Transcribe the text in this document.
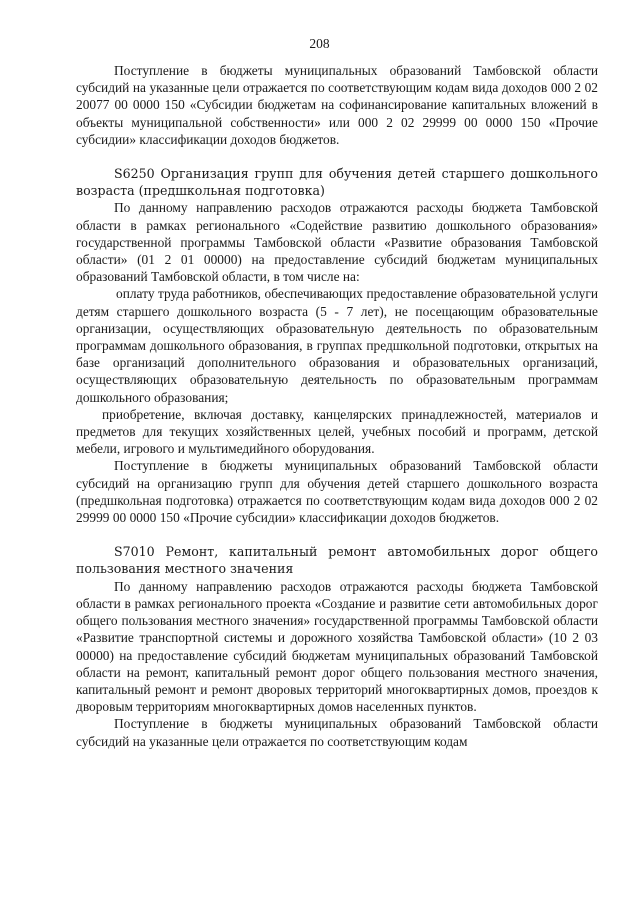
208

Поступление в бюджеты муниципальных образований Тамбовской области субсидий на указанные цели отражается по соответствующим кодам вида доходов 000 2 02 20077 00 0000 150 «Субсидии бюджетам на софинансирование капитальных вложений в объекты муниципальной собственности» или 000 2 02 29999 00 0000 150 «Прочие субсидии» классификации доходов бюджетов.

S6250 Организация групп для обучения детей старшего дошкольного возраста (предшкольная подготовка)

По данному направлению расходов отражаются расходы бюджета Тамбовской области в рамках регионального «Содействие развитию дошкольного образования» государственной программы Тамбовской области «Развитие образования Тамбовской области» (01 2 01 00000) на предоставление субсидий бюджетам муниципальных образований Тамбовской области, в том числе на:

оплату труда работников, обеспечивающих предоставление образовательной услуги детям старшего дошкольного возраста (5 - 7 лет), не посещающим образовательные организации, осуществляющих образовательную деятельность по образовательным программам дошкольного образования, в группах предшкольной подготовки, открытых на базе организаций дополнительного образования и образовательных организаций, осуществляющих образовательную деятельность по образовательным программам дошкольного образования;

приобретение, включая доставку, канцелярских принадлежностей, материалов и предметов для текущих хозяйственных целей, учебных пособий и программ, детской мебели, игрового и мультимедийного оборудования.

Поступление в бюджеты муниципальных образований Тамбовской области субсидий на организацию групп для обучения детей старшего дошкольного возраста (предшкольная подготовка) отражается по соответствующим кодам вида доходов 000 2 02 29999 00 0000 150 «Прочие субсидии» классификации доходов бюджетов.

S7010 Ремонт, капитальный ремонт автомобильных дорог общего пользования местного значения

По данному направлению расходов отражаются расходы бюджета Тамбовской области в рамках регионального проекта «Создание и развитие сети автомобильных дорог общего пользования местного значения» государственной программы Тамбовской области «Развитие транспортной системы и дорожного хозяйства Тамбовской области» (10 2 03 00000) на предоставление субсидий бюджетам муниципальных образований Тамбовской области на ремонт, капитальный ремонт дорог общего пользования местного значения, капитальный ремонт и ремонт дворовых территорий многоквартирных домов, проездов к дворовым территориям многоквартирных домов населенных пунктов.

Поступление в бюджеты муниципальных образований Тамбовской области субсидий на указанные цели отражается по соответствующим кодам
